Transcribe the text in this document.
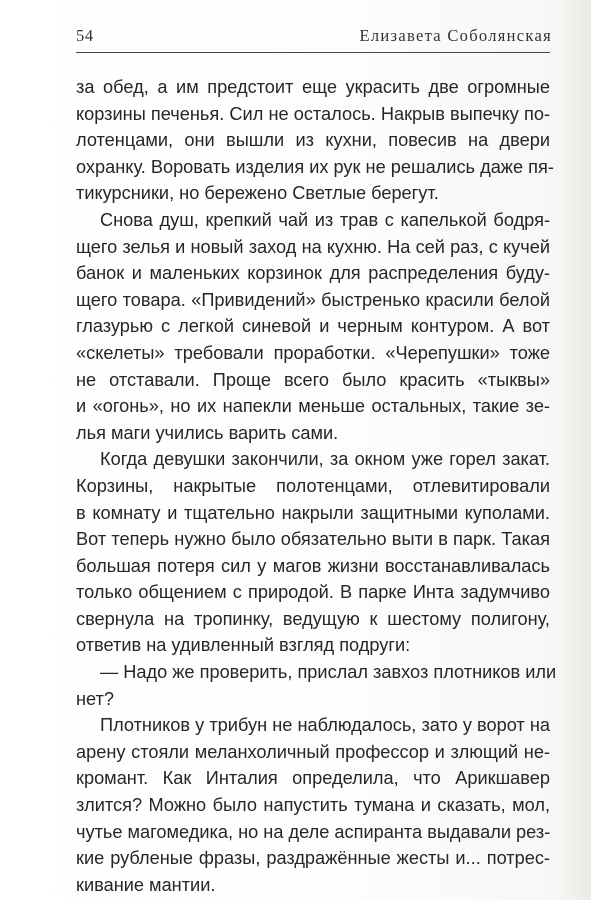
54	Елизавета Соболянская
за обед, а им предстоит еще украсить две огромные
корзины печенья. Сил не осталось. Накрыв выпечку по-
лотенцами, они вышли из кухни, повесив на двери
охранку. Воровать изделия их рук не решались даже пя-
тикурсники, но бережено Светлые берегут.
Снова душ, крепкий чай из трав с капелькой бодря-
щего зелья и новый заход на кухню. На сей раз, с кучей
банок и маленьких корзинок для распределения буду-
щего товара. «Привидений» быстренько красили белой
глазурью с легкой синевой и черным контуром. А вот
«скелеты» требовали проработки. «Черепушки» тоже
не отставали. Проще всего было красить «тыквы»
и «огонь», но их напекли меньше остальных, такие зе-
лья маги учились варить сами.
Когда девушки закончили, за окном уже горел закат.
Корзины, накрытые полотенцами, отлевитировали
в комнату и тщательно накрыли защитными куполами.
Вот теперь нужно было обязательно выти в парк. Такая
большая потеря сил у магов жизни восстанавливалась
только общением с природой. В парке Инта задумчиво
свернула на тропинку, ведущую к шестому полигону,
ответив на удивленный взгляд подруги:
— Надо же проверить, прислал завхоз плотников или
нет?
Плотников у трибун не наблюдалось, зато у ворот на
арену стояли меланхоличный профессор и злющий не-
кромант. Как Инталия определила, что Арикшавер
злится? Можно было напустить тумана и сказать, мол,
чутье магомедика, но на деле аспиранта выдавали рез-
кие рубленые фразы, раздражённые жесты и... потрес-
кивание мантии.
